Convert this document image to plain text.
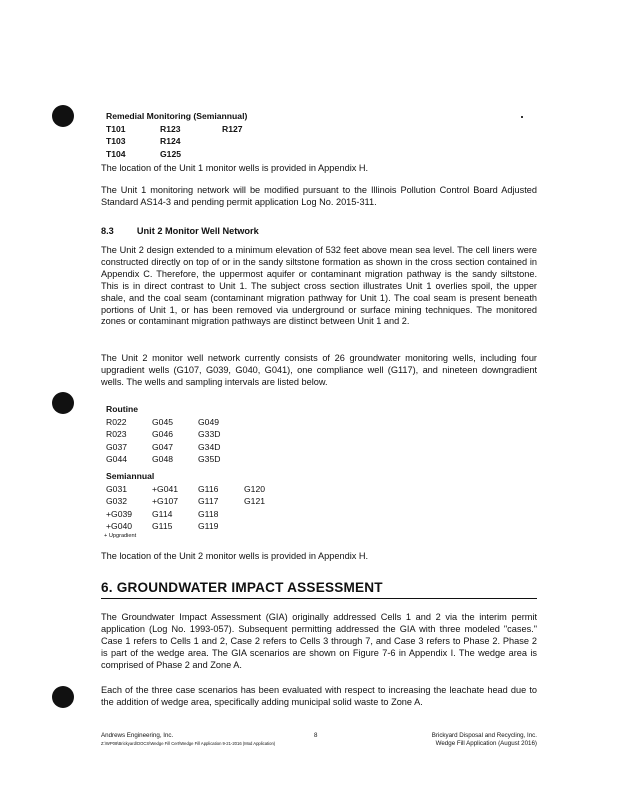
Remedial Monitoring (Semiannual)
T101	R123	R127
T103	R124
T104	G125
The location of the Unit 1 monitor wells is provided in Appendix H.
The Unit 1 monitoring network will be modified pursuant to the Illinois Pollution Control Board Adjusted Standard AS14-3 and pending permit application Log No. 2015-311.
8.3	Unit 2 Monitor Well Network
The Unit 2 design extended to a minimum elevation of 532 feet above mean sea level. The cell liners were constructed directly on top of or in the sandy siltstone formation as shown in the cross section contained in Appendix C. Therefore, the uppermost aquifer or contaminant migration pathway is the sandy siltstone. This is in direct contrast to Unit 1. The subject cross section illustrates Unit 1 overlies spoil, the upper shale, and the coal seam (contaminant migration pathway for Unit 1). The coal seam is present beneath portions of Unit 1, or has been removed via underground or surface mining techniques. The monitored zones or contaminant migration pathways are distinct between Unit 1 and 2.
The Unit 2 monitor well network currently consists of 26 groundwater monitoring wells, including four upgradient wells (G107, G039, G040, G041), one compliance well (G117), and nineteen downgradient wells. The wells and sampling intervals are listed below.
Routine
R022	G045	G049
R023	G046	G33D
G037	G047	G34D
G044	G048	G35D
Semiannual
G031	+G041	G116	G120
G032	+G107	G117	G121
+G039	G114	G118
+G040	G115	G119
+ Upgradient
The location of the Unit 2 monitor wells is provided in Appendix H.
6. GROUNDWATER IMPACT ASSESSMENT
The Groundwater Impact Assessment (GIA) originally addressed Cells 1 and 2 via the interim permit application (Log No. 1993-057). Subsequent permitting addressed the GIA with three modeled "cases." Case 1 refers to Cells 1 and 2, Case 2 refers to Cells 3 through 7, and Case 3 refers to Phase 2. Phase 2 is part of the wedge area. The GIA scenarios are shown on Figure 7-6 in Appendix I. The wedge area is comprised of Phase 2 and Zone A.
Each of the three case scenarios has been evaluated with respect to increasing the leachate head due to the addition of wedge area, specifically adding municipal solid waste to Zone A.
Andrews Engineering, Inc.
Z:\WP08\Brickyard\DOCS\Wedge Fill Cert\Wedge Fill Application 9-21-2016 (Mod Application)
8	Brickyard Disposal and Recycling, Inc.
Wedge Fill Application (August 2016)
